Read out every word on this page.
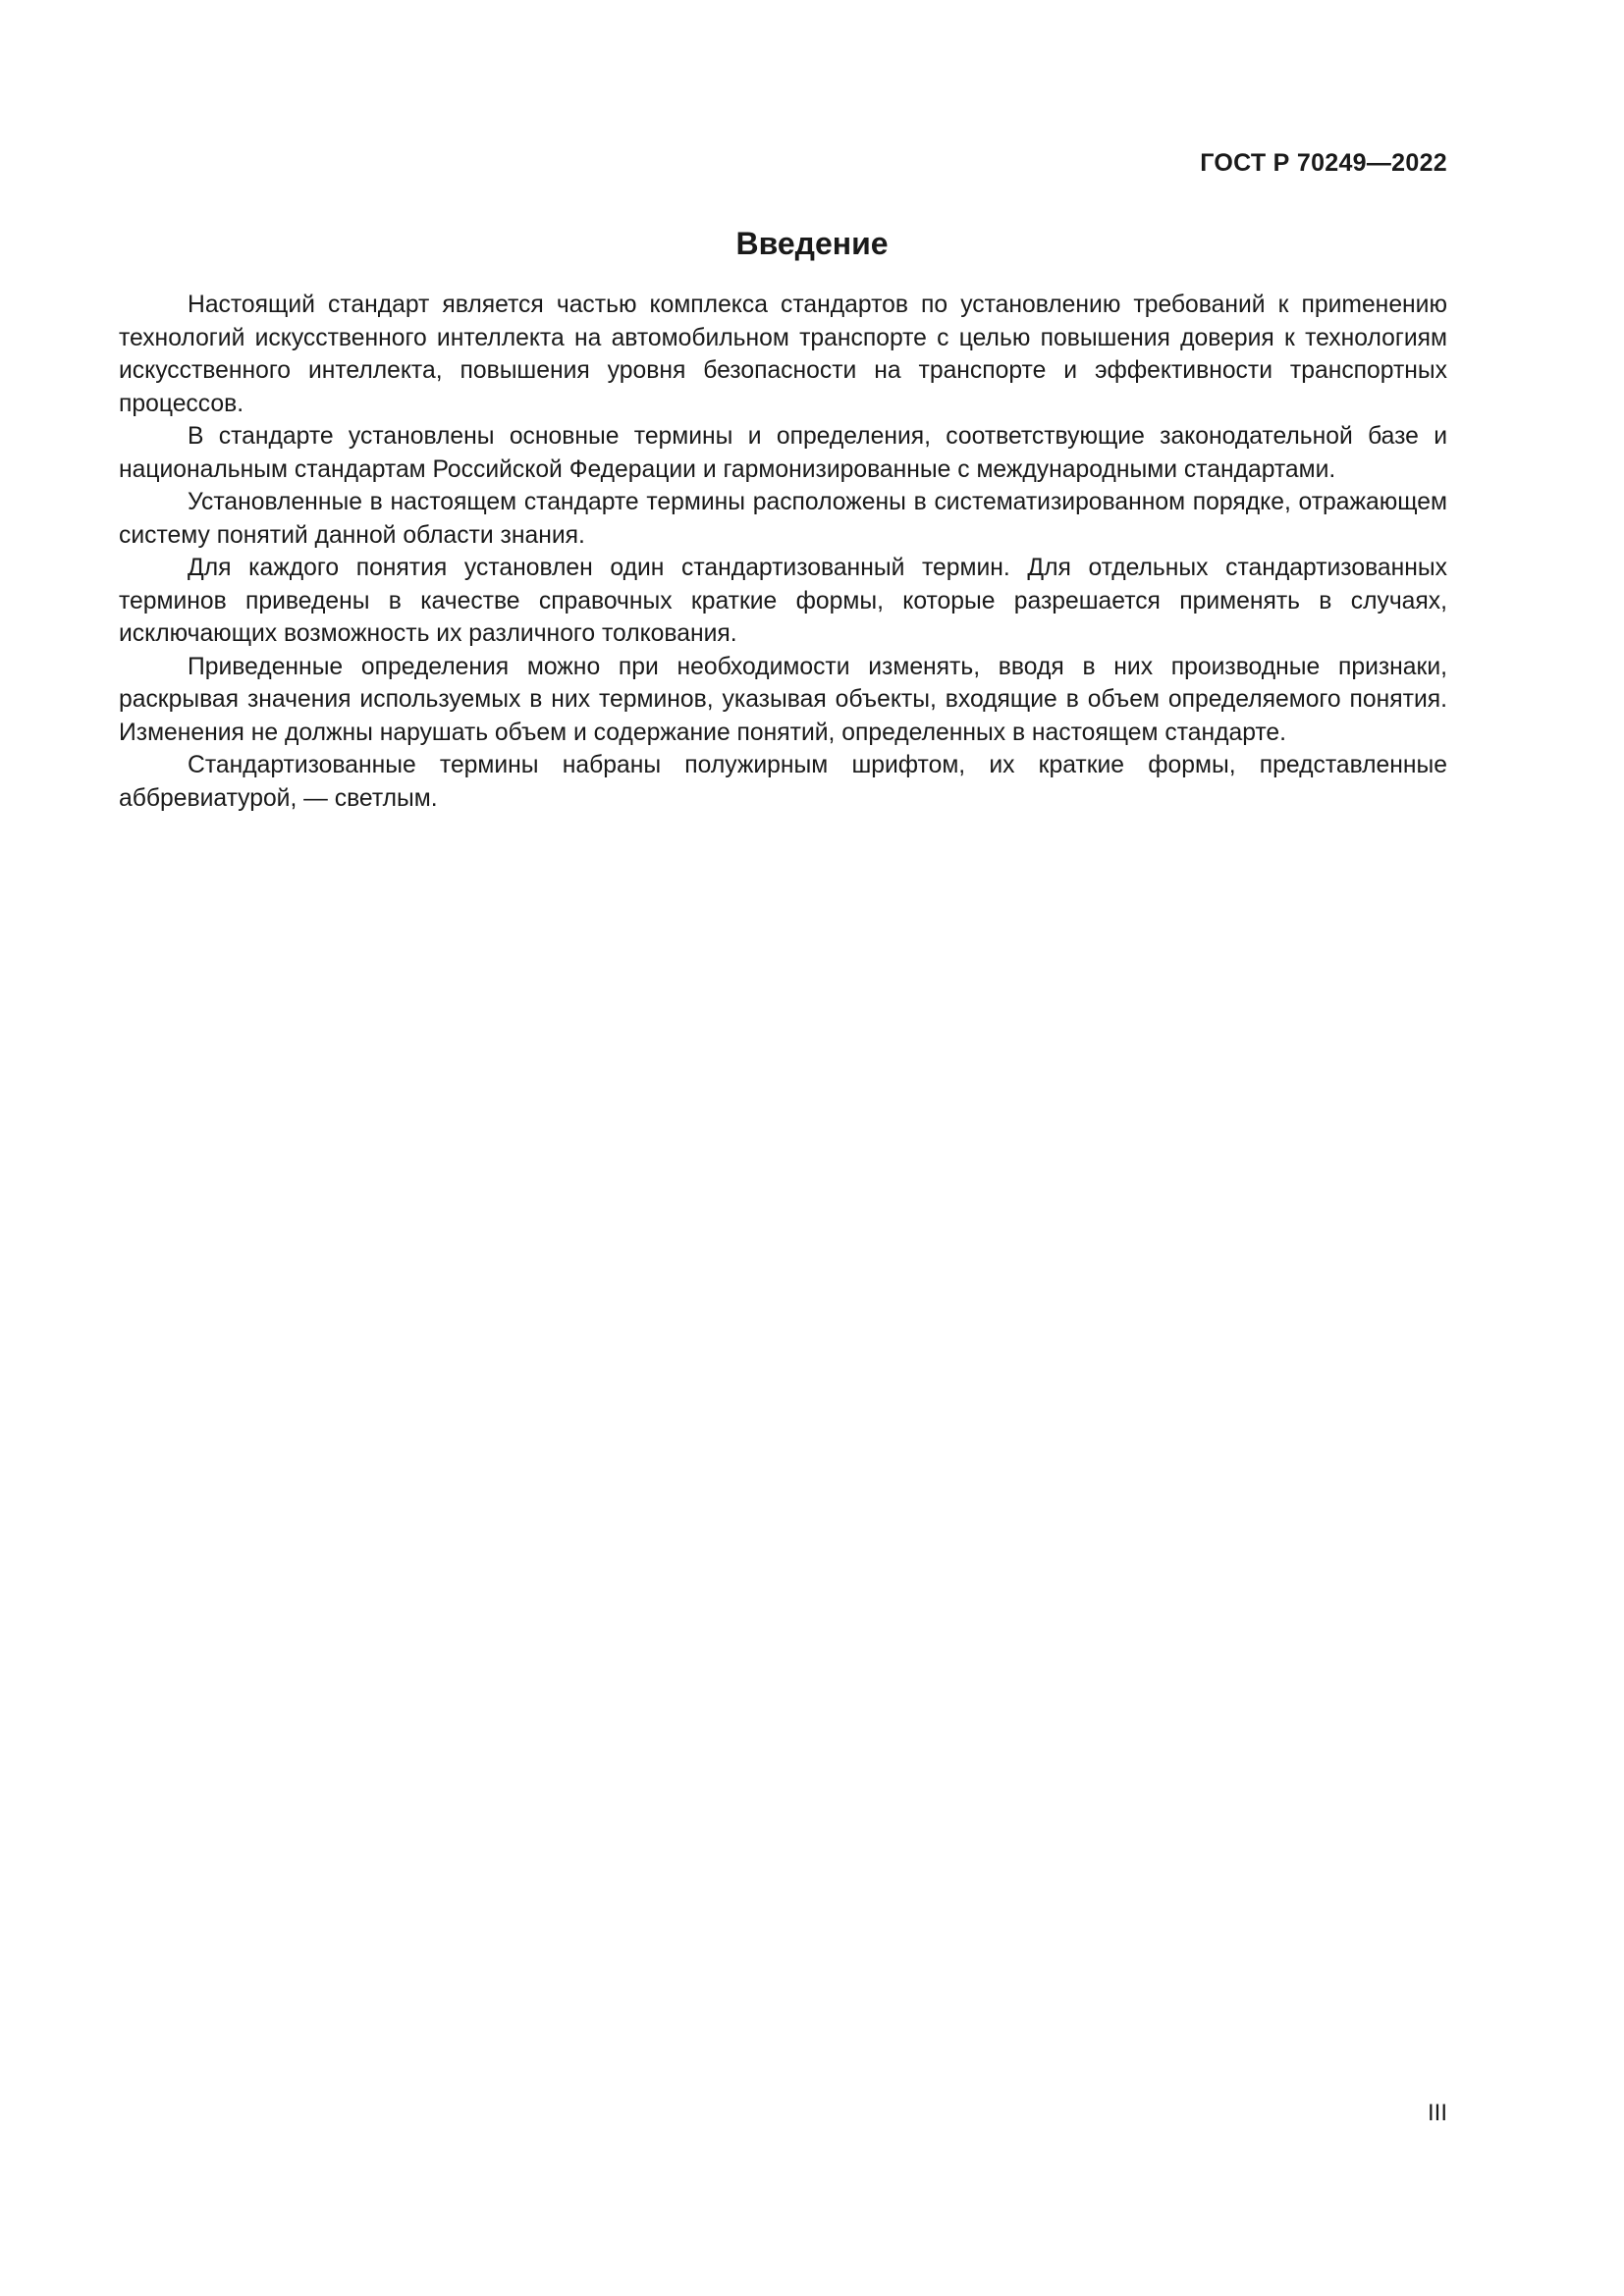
ГОСТ Р 70249—2022
Введение

Настоящий стандарт является частью комплекса стандартов по установлению требований к приmенению технологий искусственного интеллекта на автомобильном транспорте с целью повышения доверия к технологиям искусственного интеллекта, повышения уровня безопасности на транспорте и эффективности транспортных процессов.

В стандарте установлены основные термины и определения, соответствующие законодательной базе и национальным стандартам Российской Федерации и гармонизированные с международными стандартами.

Установленные в настоящем стандарте термины расположены в систематизированном порядке, отражающем систему понятий данной области знания.

Для каждого понятия установлен один стандартизованный термин. Для отдельных стандартизованных терминов приведены в качестве справочных краткие формы, которые разрешается применять в случаях, исключающих возможность их различного толкования.

Приведенные определения можно при необходимости изменять, вводя в них производные признаки, раскрывая значения используемых в них терминов, указывая объекты, входящие в объем определяемого понятия. Изменения не должны нарушать объем и содержание понятий, определенных в настоящем стандарте.

Стандартизованные термины набраны полужирным шрифтом, их краткие формы, представленные аббревиатурой, — светлым.

III
